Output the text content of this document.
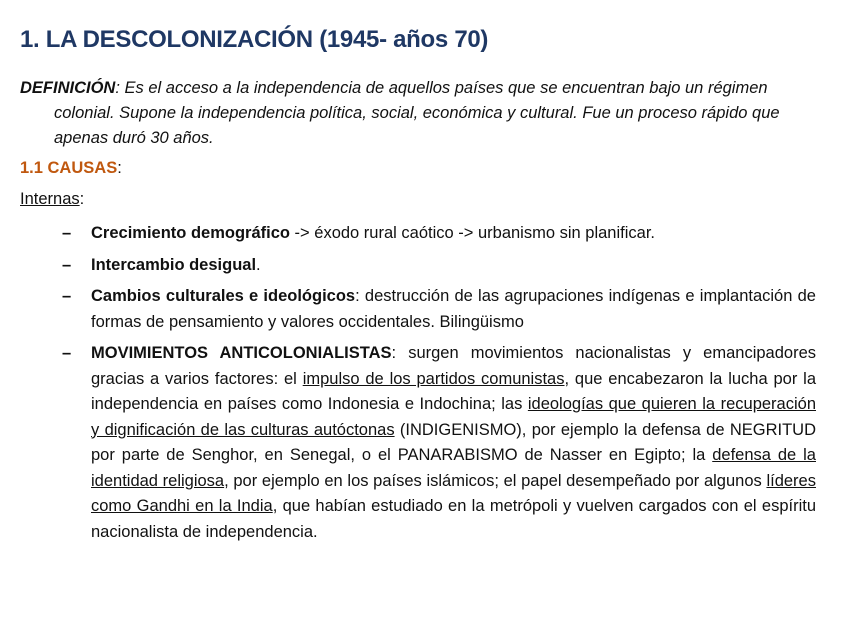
1. LA DESCOLONIZACIÓN (1945- años 70)
DEFINICIÓN: Es el acceso a la independencia de aquellos países que se encuentran bajo un régimen colonial. Supone la independencia política, social, económica y cultural. Fue un proceso rápido que apenas duró 30 años.
1.1 CAUSAS:
Internas:
– Crecimiento demográfico -> éxodo rural caótico -> urbanismo sin planificar.
– Intercambio desigual.
– Cambios culturales e ideológicos: destrucción de las agrupaciones indígenas e implantación de formas de pensamiento y valores occidentales. Bilingüismo
– MOVIMIENTOS ANTICOLONIALISTAS: surgen movimientos nacionalistas y emancipadores gracias a varios factores: el impulso de los partidos comunistas, que encabezaron la lucha por la independencia en países como Indonesia e Indochina; las ideologías que quieren la recuperación y dignificación de las culturas autóctonas (INDIGENISMO), por ejemplo la defensa de NEGRITUD por parte de Senghor, en Senegal, o el PANARABISMO de Nasser en Egipto; la defensa de la identidad religiosa, por ejemplo en los países islámicos; el papel desempeñado por algunos líderes como Gandhi en la India, que habían estudiado en la metrópoli y vuelven cargados con el espíritu nacionalista de independencia.
